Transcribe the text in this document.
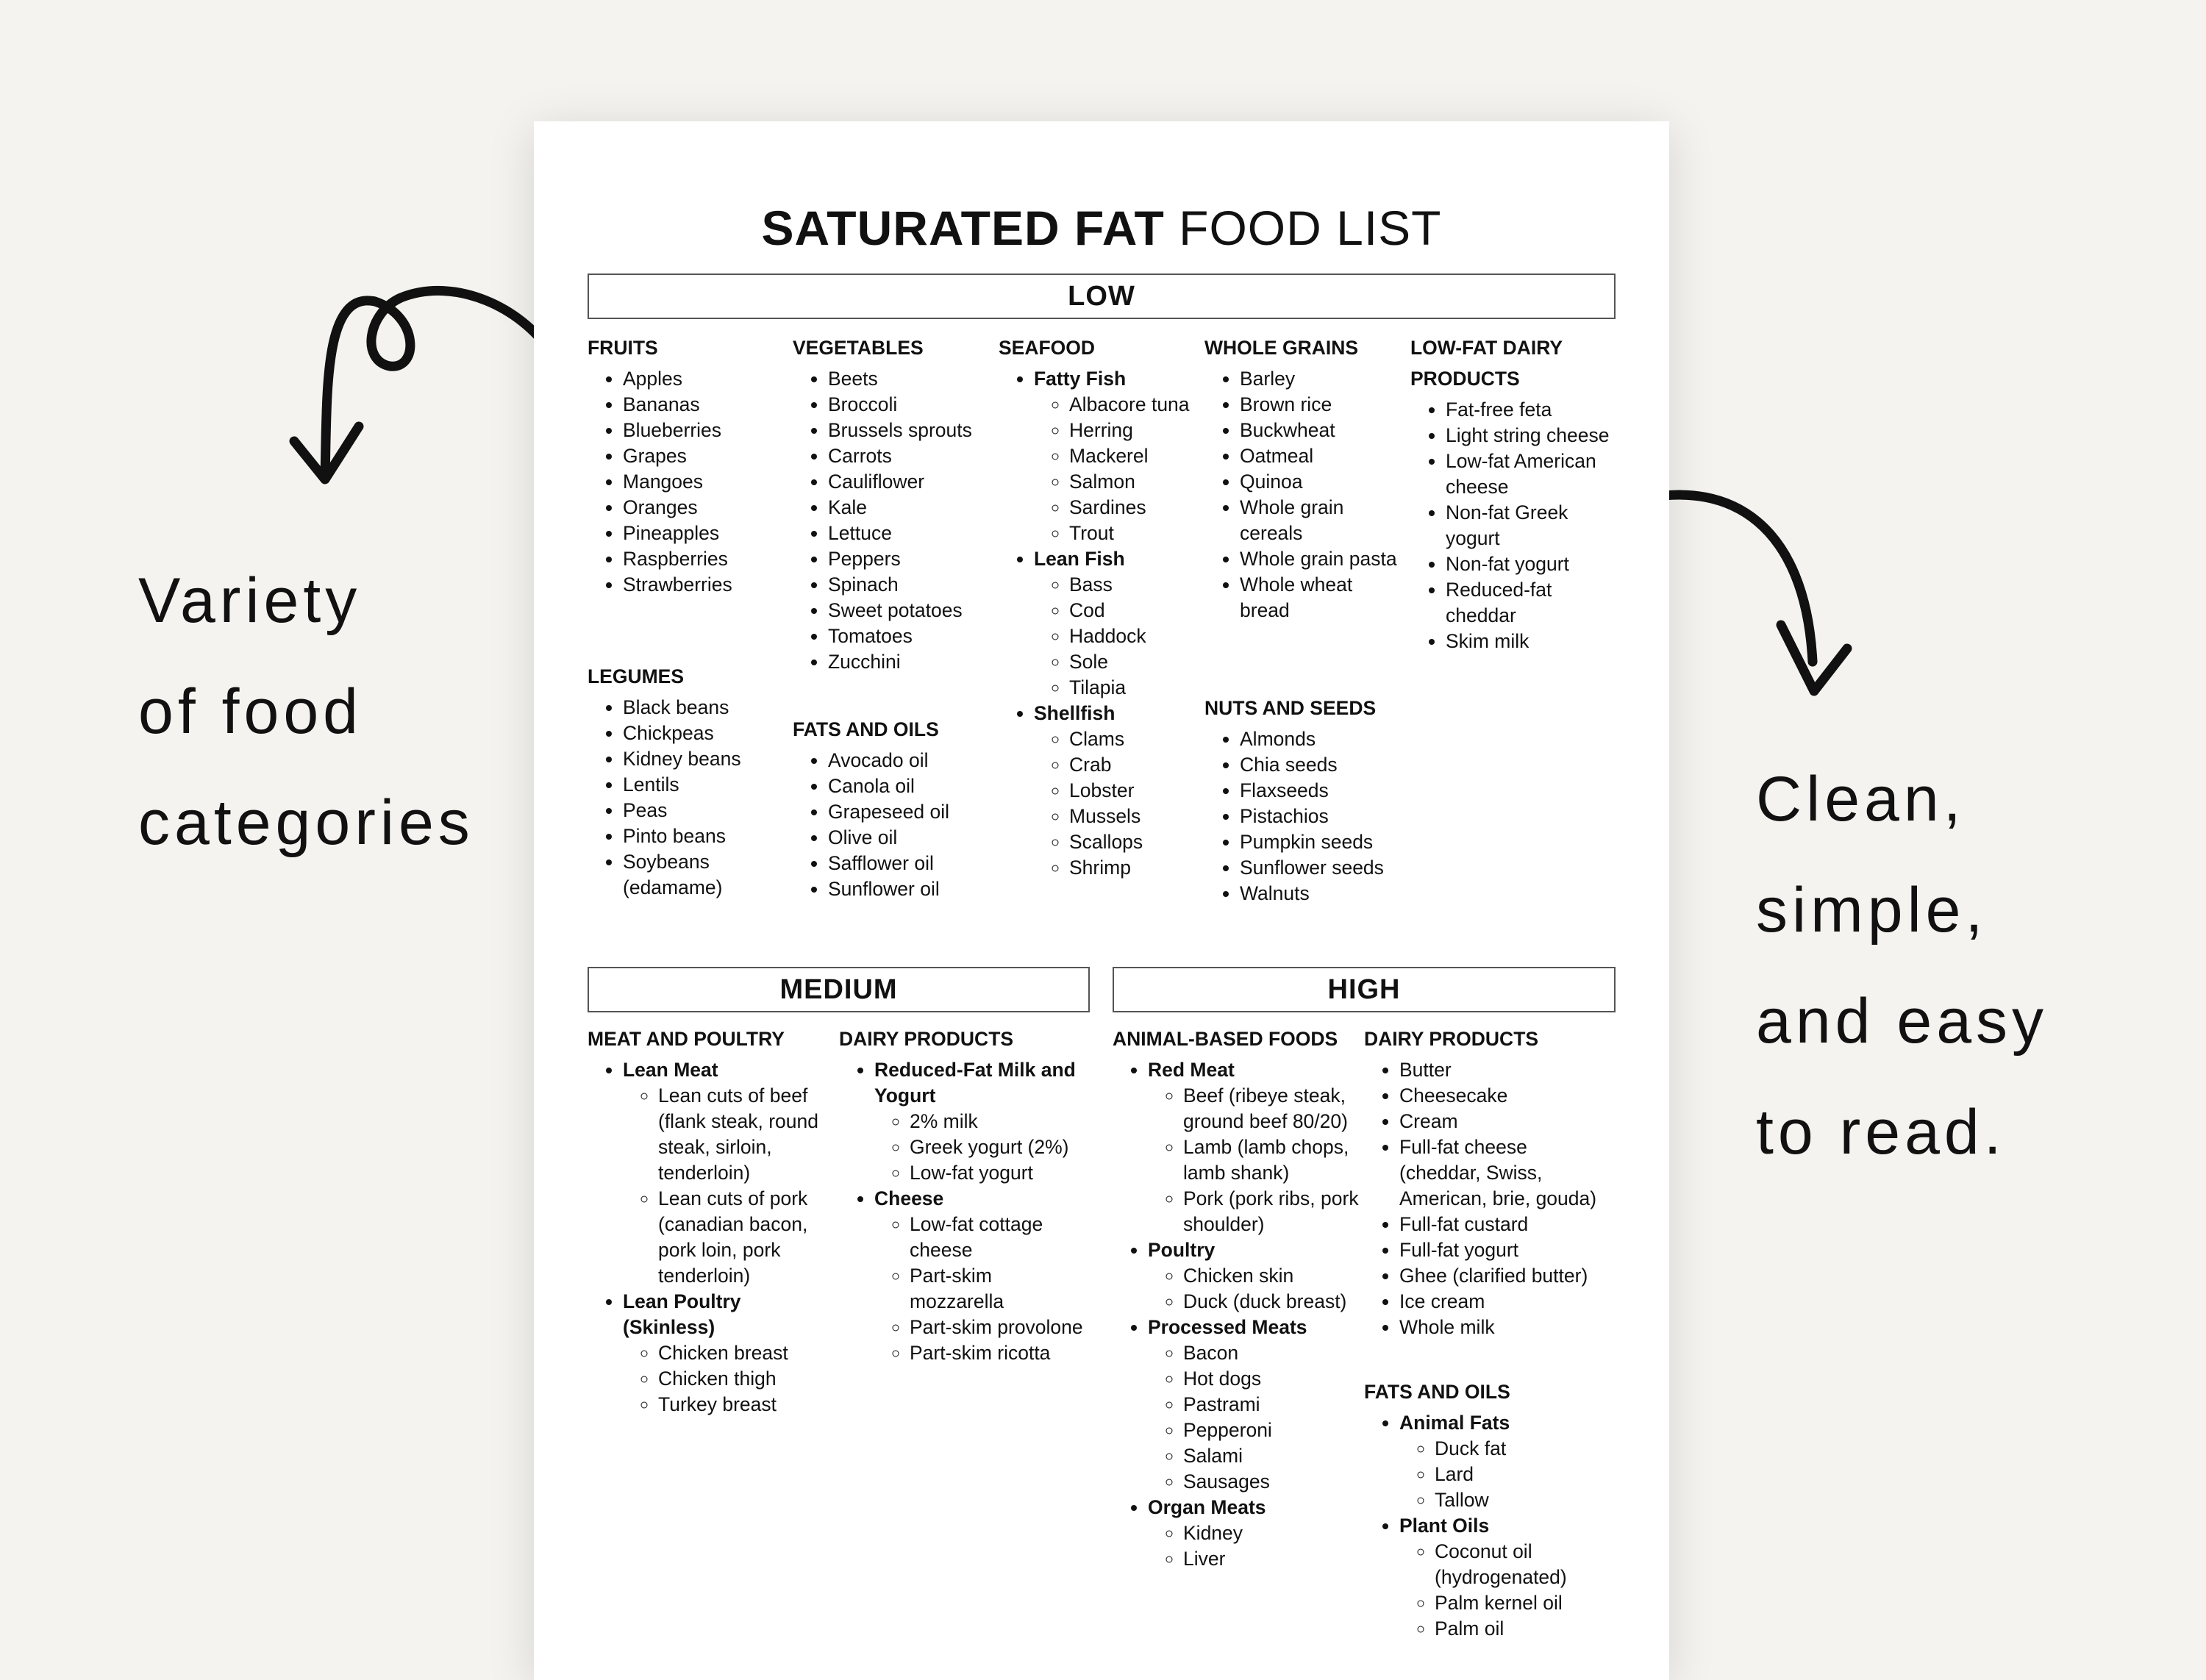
Variety
of food
categories	Clean,
simple,
and easy
to read.
SATURATED FAT FOOD LIST
LOW
FRUITS
• Apples
• Bananas
• Blueberries
• Grapes
• Mangoes
• Oranges
• Pineapples
• Raspberries
• Strawberries
LEGUMES
• Black beans
• Chickpeas
• Kidney beans
• Lentils
• Peas
• Pinto beans
• Soybeans (edamame)
VEGETABLES
• Beets
• Broccoli
• Brussels sprouts
• Carrots
• Cauliflower
• Kale
• Lettuce
• Peppers
• Spinach
• Sweet potatoes
• Tomatoes
• Zucchini
FATS AND OILS
• Avocado oil
• Canola oil
• Grapeseed oil
• Olive oil
• Safflower oil
• Sunflower oil
SEAFOOD
• Fatty Fish
◦ Albacore tuna
◦ Herring
◦ Mackerel
◦ Salmon
◦ Sardines
◦ Trout
• Lean Fish
◦ Bass
◦ Cod
◦ Haddock
◦ Sole
◦ Tilapia
• Shellfish
◦ Clams
◦ Crab
◦ Lobster
◦ Mussels
◦ Scallops
◦ Shrimp
WHOLE GRAINS
• Barley
• Brown rice
• Buckwheat
• Oatmeal
• Quinoa
• Whole grain cereals
• Whole grain pasta
• Whole wheat bread
NUTS AND SEEDS
• Almonds
• Chia seeds
• Flaxseeds
• Pistachios
• Pumpkin seeds
• Sunflower seeds
• Walnuts
LOW-FAT DAIRY PRODUCTS
• Fat-free feta
• Light string cheese
• Low-fat American cheese
• Non-fat Greek yogurt
• Non-fat yogurt
• Reduced-fat cheddar
• Skim milk
MEDIUM
MEAT AND POULTRY
• Lean Meat
◦ Lean cuts of beef (flank steak, round steak, sirloin, tenderloin)
◦ Lean cuts of pork (canadian bacon, pork loin, pork tenderloin)
• Lean Poultry (Skinless)
◦ Chicken breast
◦ Chicken thigh
◦ Turkey breast
DAIRY PRODUCTS
• Reduced-Fat Milk and Yogurt
◦ 2% milk
◦ Greek yogurt (2%)
◦ Low-fat yogurt
• Cheese
◦ Low-fat cottage cheese
◦ Part-skim mozzarella
◦ Part-skim provolone
◦ Part-skim ricotta
HIGH
ANIMAL-BASED FOODS
• Red Meat
◦ Beef (ribeye steak, ground beef 80/20)
◦ Lamb (lamb chops, lamb shank)
◦ Pork (pork ribs, pork shoulder)
• Poultry
◦ Chicken skin
◦ Duck (duck breast)
• Processed Meats
◦ Bacon
◦ Hot dogs
◦ Pastrami
◦ Pepperoni
◦ Salami
◦ Sausages
• Organ Meats
◦ Kidney
◦ Liver
DAIRY PRODUCTS
• Butter
• Cheesecake
• Cream
• Full-fat cheese (cheddar, Swiss, American, brie, gouda)
• Full-fat custard
• Full-fat yogurt
• Ghee (clarified butter)
• Ice cream
• Whole milk
FATS AND OILS
• Animal Fats
◦ Duck fat
◦ Lard
◦ Tallow
• Plant Oils
◦ Coconut oil (hydrogenated)
◦ Palm kernel oil
◦ Palm oil
